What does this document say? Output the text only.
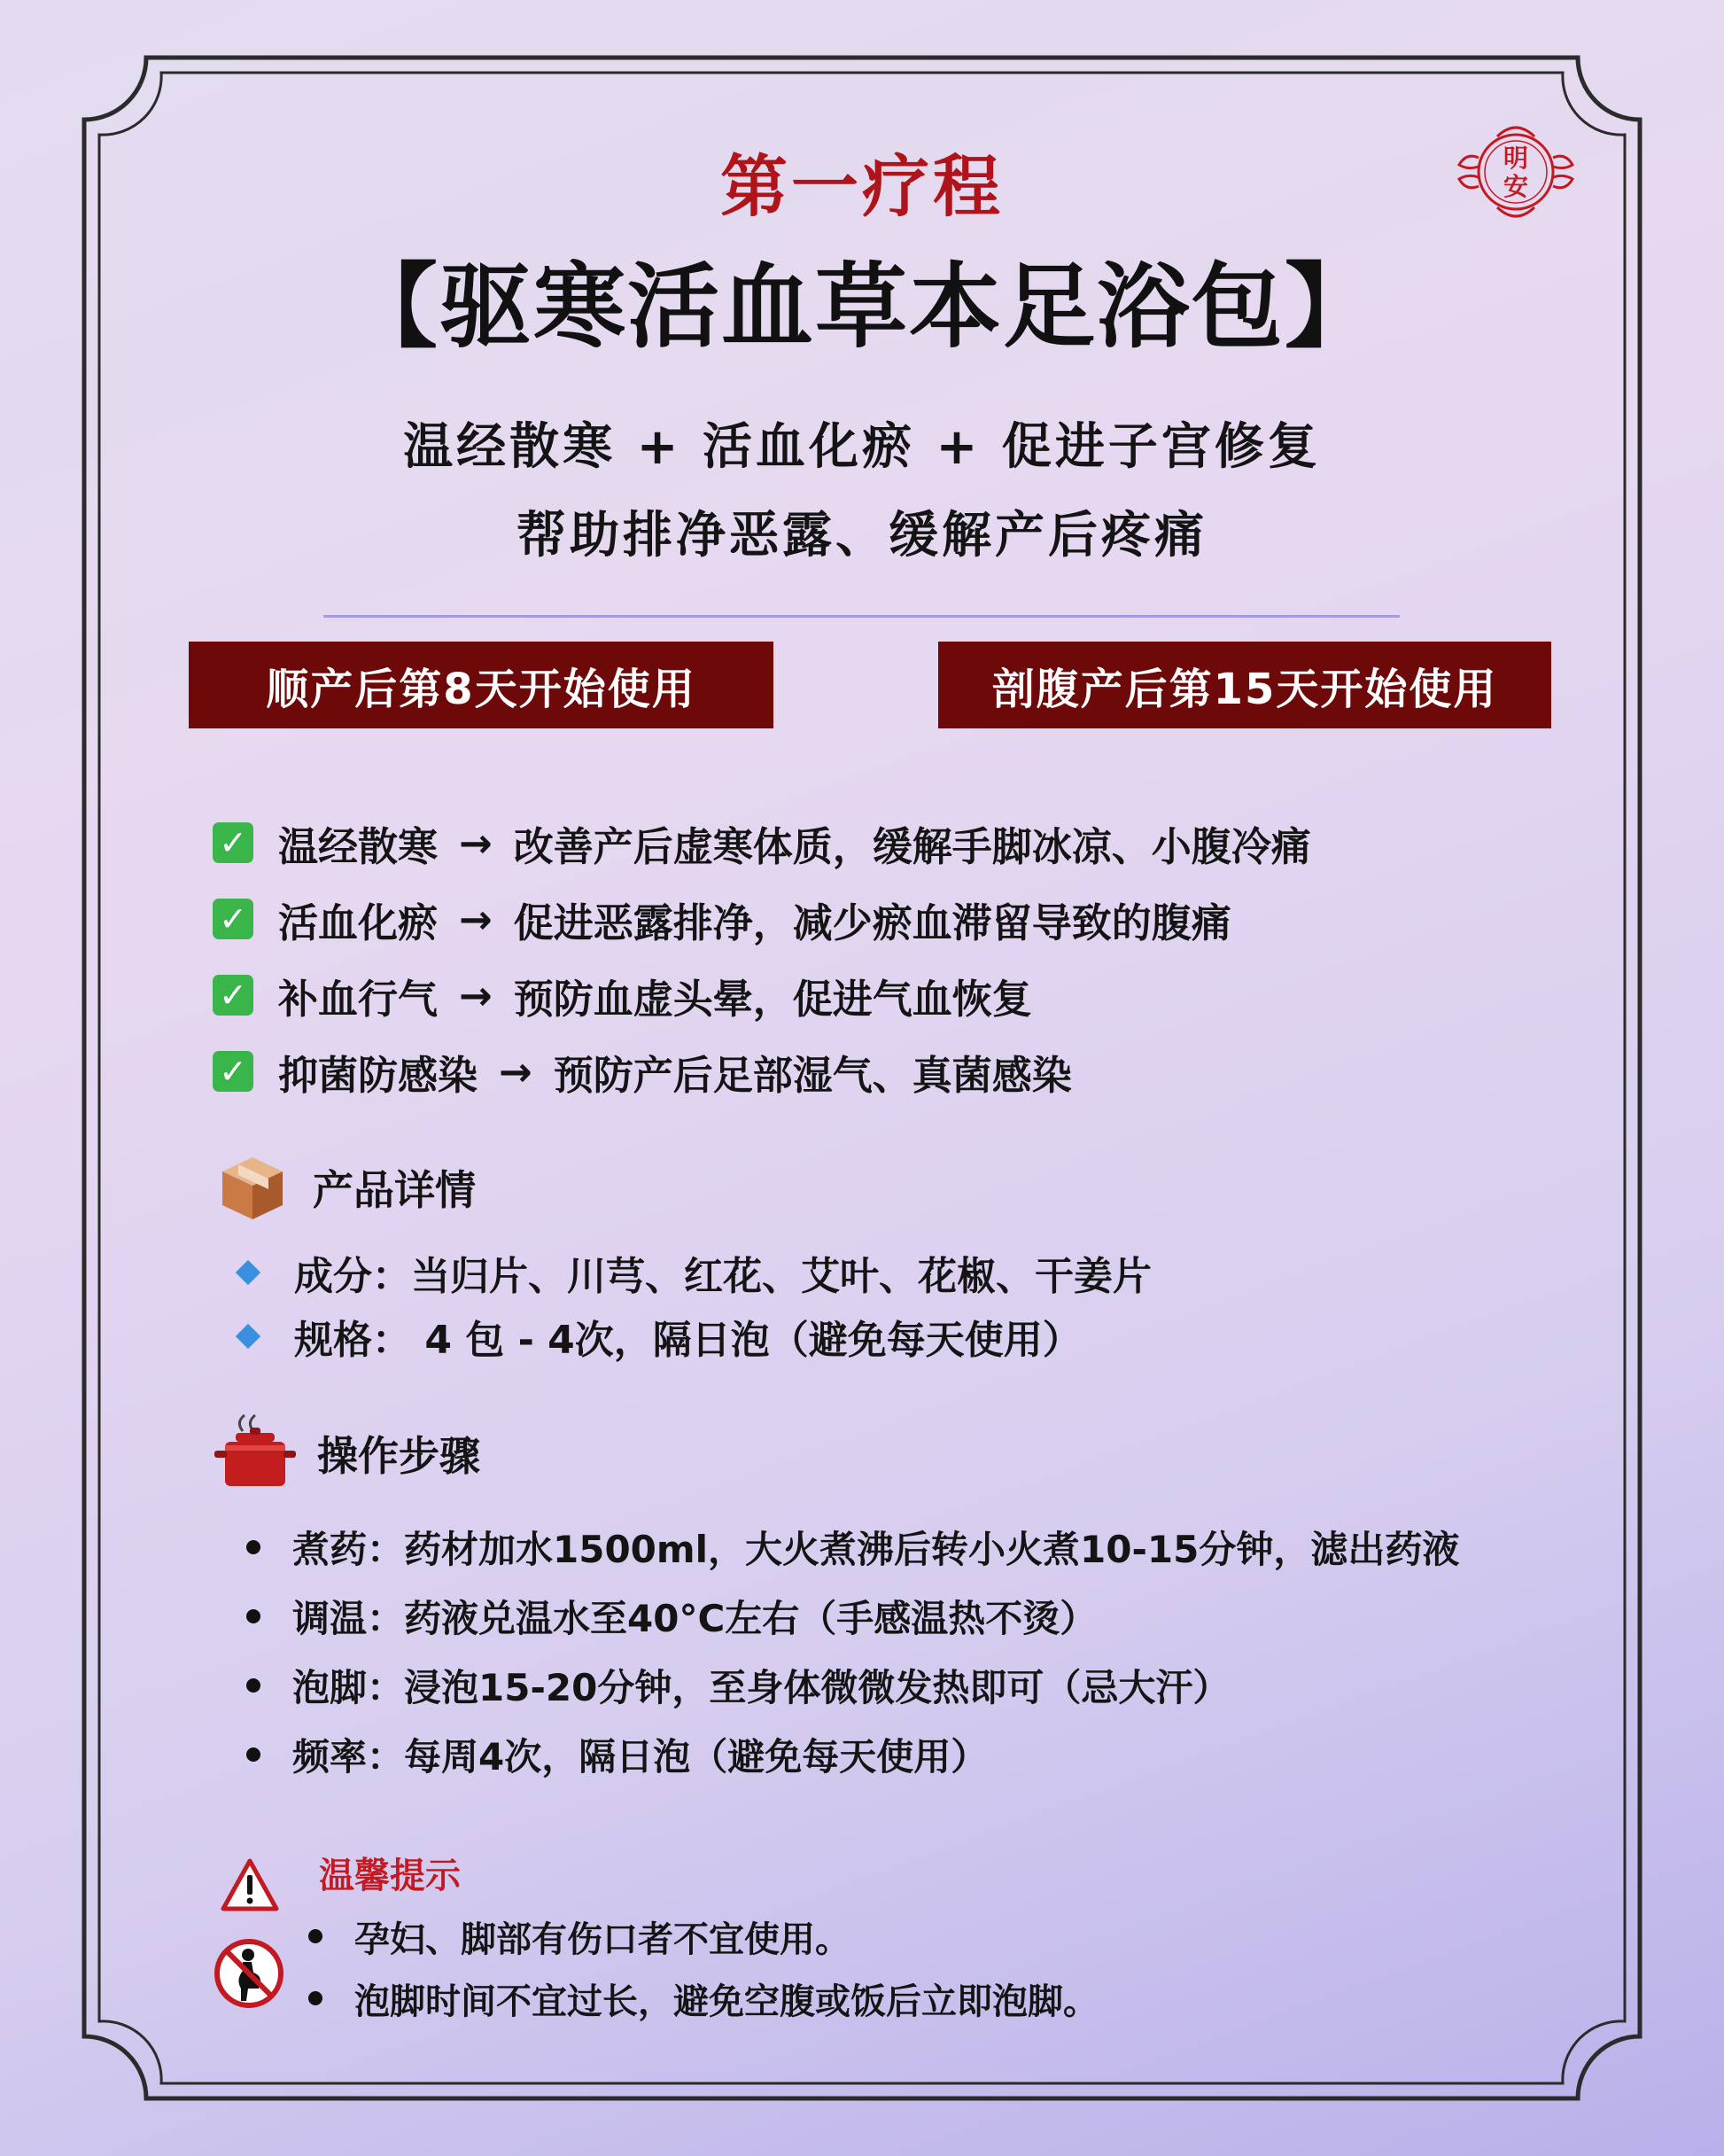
明
安
第一疗程
【驱寒活血草本足浴包】
温经散寒 + 活血化瘀 + 促进子宫修复
帮助排净恶露、缓解产后疼痛
顺产后第8天开始使用	剖腹产后第15天开始使用
✓ 温经散寒 → 改善产后虚寒体质，缓解手脚冰凉、小腹冷痛
✓ 活血化瘀 → 促进恶露排净，减少瘀血滞留导致的腹痛
✓ 补血行气 → 预防血虚头晕，促进气血恢复
✓ 抑菌防感染 → 预防产后足部湿气、真菌感染
产品详情
成分：当归片、川芎、红花、艾叶、花椒、干姜片
规格： 4 包 - 4次，隔日泡（避免每天使用）
操作步骤
煮药：药材加水1500ml，大火煮沸后转小火煮10-15分钟，滤出药液
调温：药液兑温水至40°C左右（手感温热不烫）
泡脚：浸泡15-20分钟，至身体微微发热即可（忌大汗）
频率：每周4次，隔日泡（避免每天使用）
温馨提示
孕妇、脚部有伤口者不宜使用。
泡脚时间不宜过长，避免空腹或饭后立即泡脚。
